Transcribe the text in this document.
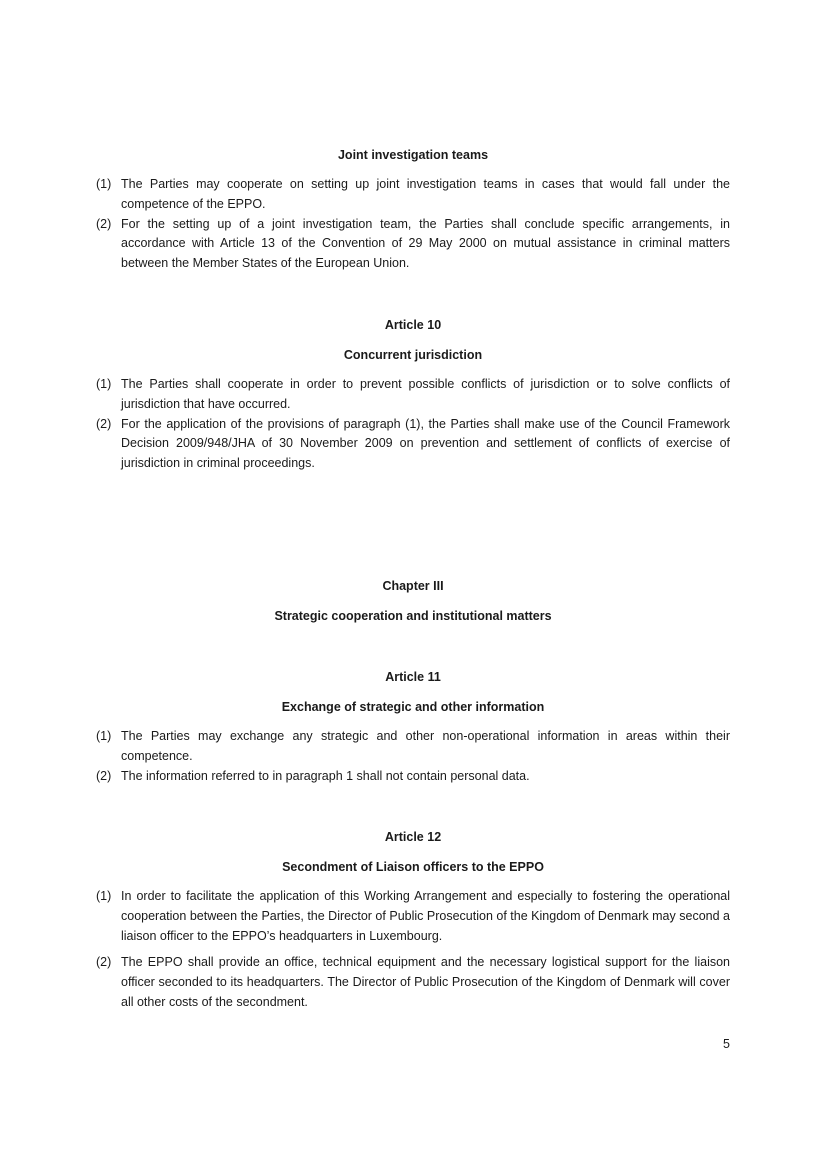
Joint investigation teams
(1) The Parties may cooperate on setting up joint investigation teams in cases that would fall under the competence of the EPPO.
(2) For the setting up of a joint investigation team, the Parties shall conclude specific arrangements, in accordance with Article 13 of the Convention of 29 May 2000 on mutual assistance in criminal matters between the Member States of the European Union.
Article 10
Concurrent jurisdiction
(1) The Parties shall cooperate in order to prevent possible conflicts of jurisdiction or to solve conflicts of jurisdiction that have occurred.
(2) For the application of the provisions of paragraph (1), the Parties shall make use of the Council Framework Decision 2009/948/JHA of 30 November 2009 on prevention and settlement of conflicts of exercise of jurisdiction in criminal proceedings.
Chapter III
Strategic cooperation and institutional matters
Article 11
Exchange of strategic and other information
(1) The Parties may exchange any strategic and other non-operational information in areas within their competence.
(2) The information referred to in paragraph 1 shall not contain personal data.
Article 12
Secondment of Liaison officers to the EPPO
(1) In order to facilitate the application of this Working Arrangement and especially to fostering the operational cooperation between the Parties, the Director of Public Prosecution of the Kingdom of Denmark may second a liaison officer to the EPPO’s headquarters in Luxembourg.
(2) The EPPO shall provide an office, technical equipment and the necessary logistical support for the liaison officer seconded to its headquarters. The Director of Public Prosecution of the Kingdom of Denmark will cover all other costs of the secondment.
5
